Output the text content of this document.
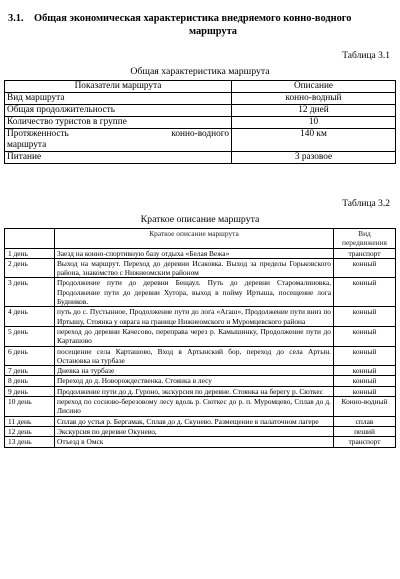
3.1. Общая экономическая характеристика внедряемого конно-водного
маршрута
Таблица 3.1
Общая характеристика маршрута
Показатели маршрута	Описание
Вид маршрута	конно-водный
Общая продолжительность	12 дней
Количество туристов в группе	10

Протяженность конно-водного
маршрута	140 км
Питание	3 разовое
Таблица 3.2
Краткое описание маршрута
	Краткое описание маршрута	Вид передвижения
1 день	Заезд на конно-спортивную базу отдыха «Белая Вежа»	транспорт
2 день	Выход на маршрут. Переход до деревни Исаковка. Выход за пределы Горьковского района, знакомство с Нижнеомским районом	конный
3 день	Продолжение пути до деревни Бещаул. Путь до деревни Старомалиновка, Продолжение пути до деревни Хутора, выход в пойму Иртыша, посещение лога Будников.	конный
4 день	путь до с. Пустынное, Продолжение пути до лога «Агаш», Продолжение пути вниз по Иртышу, Стоянка у оврага на границе Нижнеомского и Муромцевского района	конный
5 день	переход до деревни Качесово, переправа через р. Камышинку, Продолжение пути до Карташово	конный
6 день	посещение села Карташово, Вход в Артынский бор, переход до села Артын. Остановка на турбазе	конный
7 день	Дневка на турбазе	конный
8 день	Переход до д. Новорождественка. Стоянка в лесу	конный
9 день	Продолжение пути до д. Гуроно, экскурсия по деревне. Стоянка на берегу р. Сюткес	конный
10 день	переход по сосново-березовому лесу вдоль р. Сюткес до р. п. Муромцево, Сплав до д. Лисино	Конно-водный
11 день	Сплав до устья р. Бергамак, Сплав до д. Скунево. Размещение в палаточном лагере	сплав
12 день	Экскурсия по деревне Окунево,	пеший
13 день	Отъезд в Омск	транспорт
